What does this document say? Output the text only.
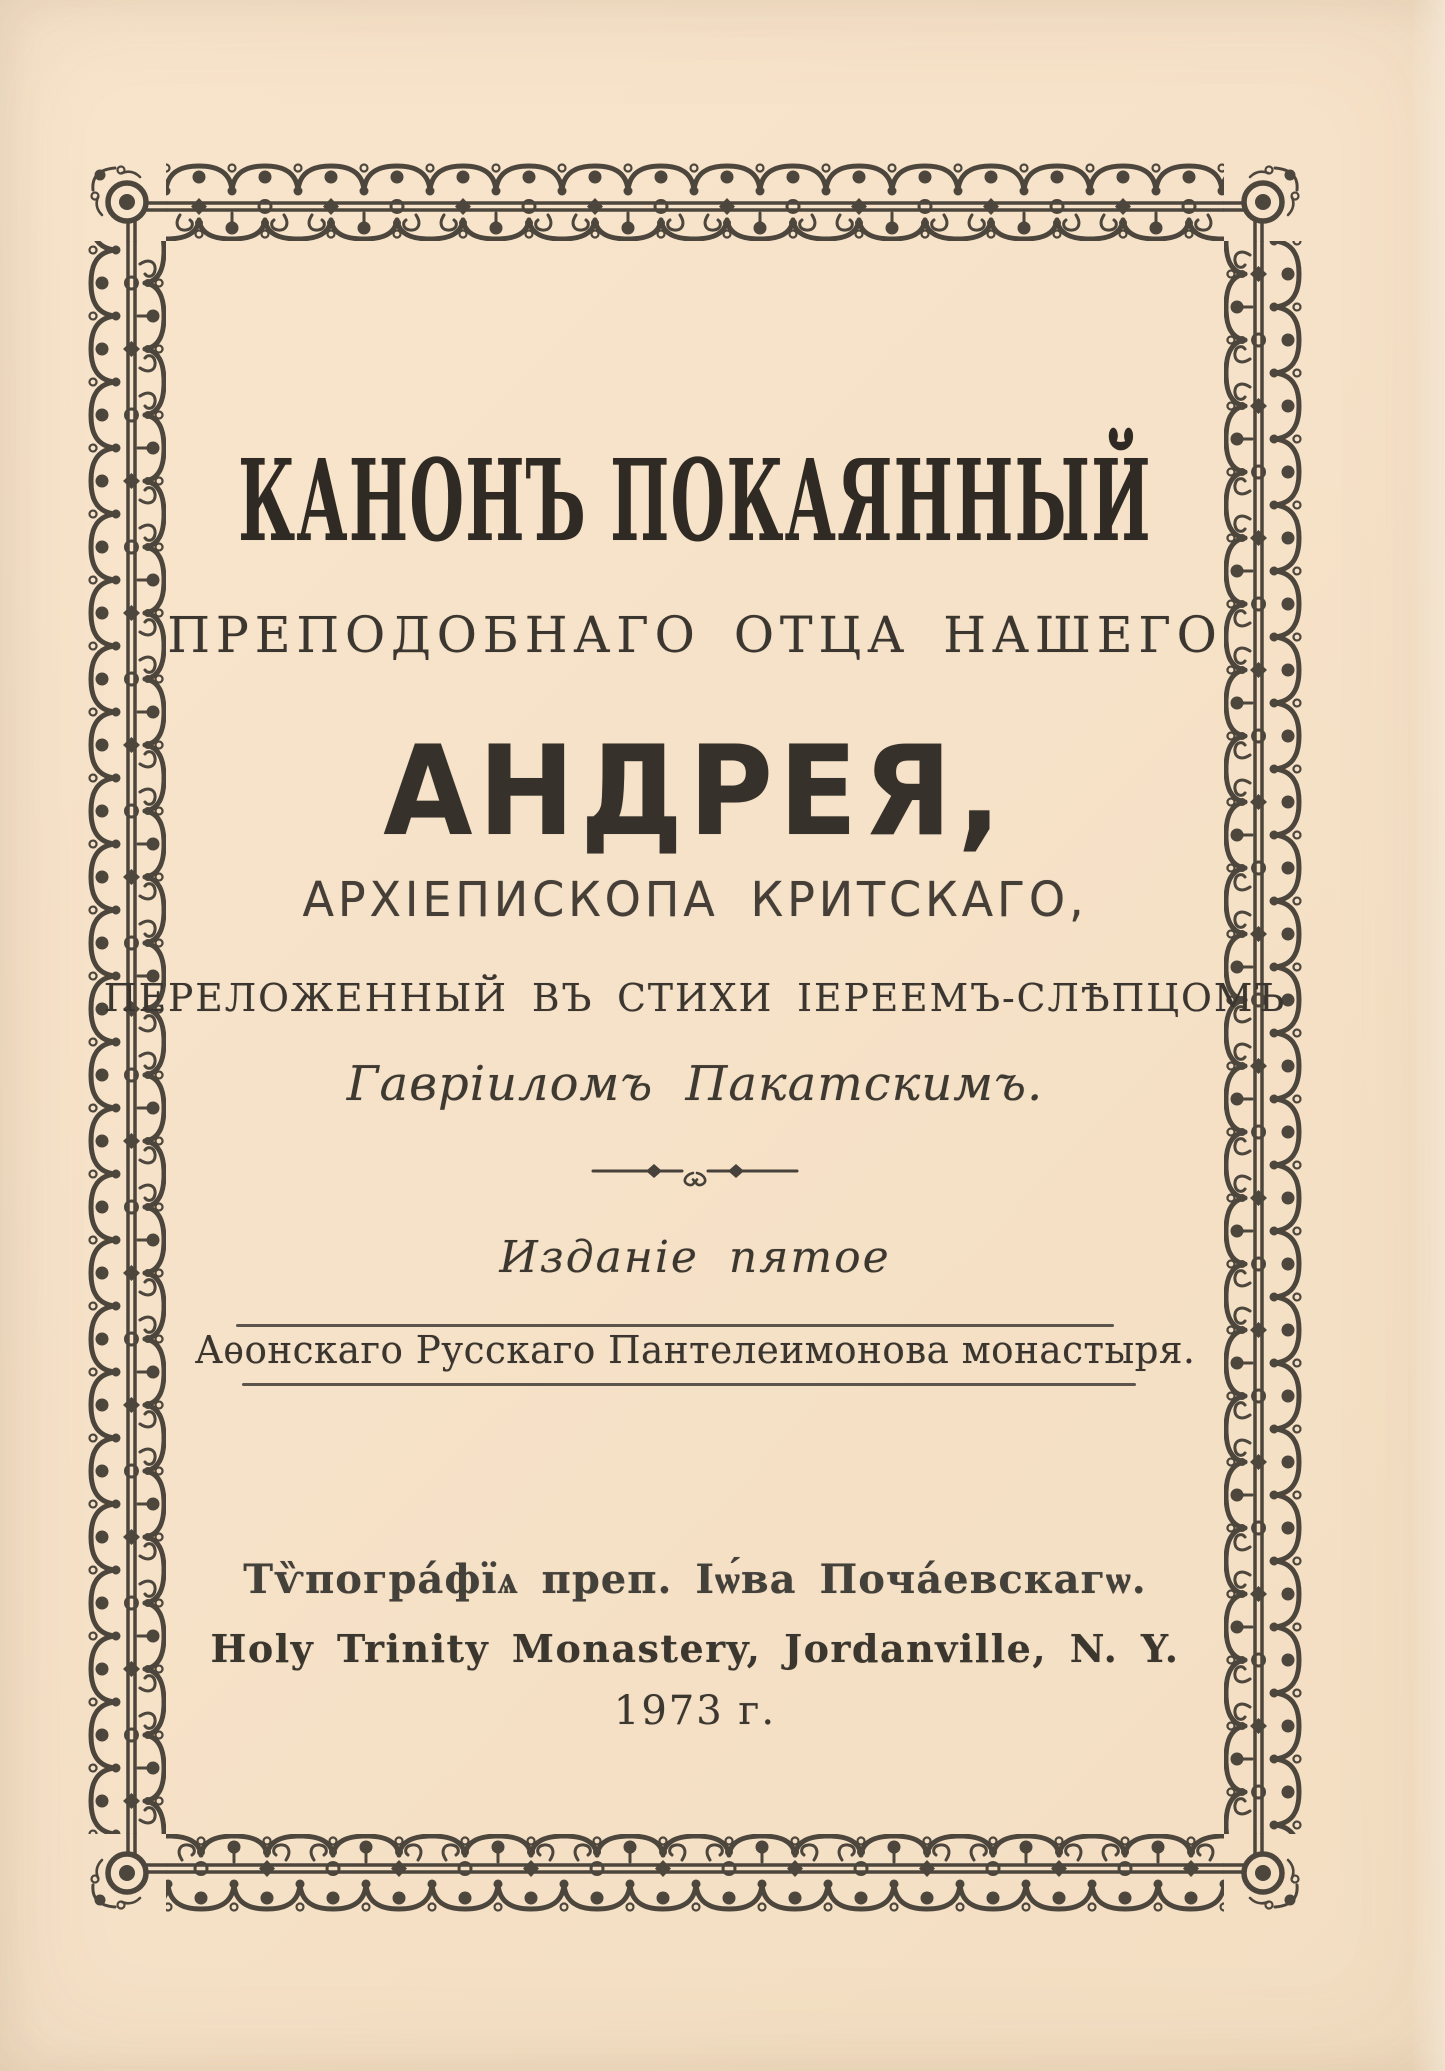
КАНОНЪ ПОКАЯННЫЙ
ПРЕПОДОБНАГО ОТЦА НАШЕГО
АНДРЕЯ,
АРХІЕПИСКОПА КРИТСКАГО,
ПЕРЕЛОЖЕННЫЙ ВЪ СТИХИ ІЕРЕЕМЪ-СЛѢПЦОМЪ
Гавріиломъ Пакатскимъ.
Изданіе пятое
Аѳонскаго Русскаго Пантелеимонова монастыря.
Тѷпогра́фїѧ преп. Іѡ́ва Поча́евскагѡ.
Holy Trinity Monastery, Jordanville, N. Y.
1973 г.
